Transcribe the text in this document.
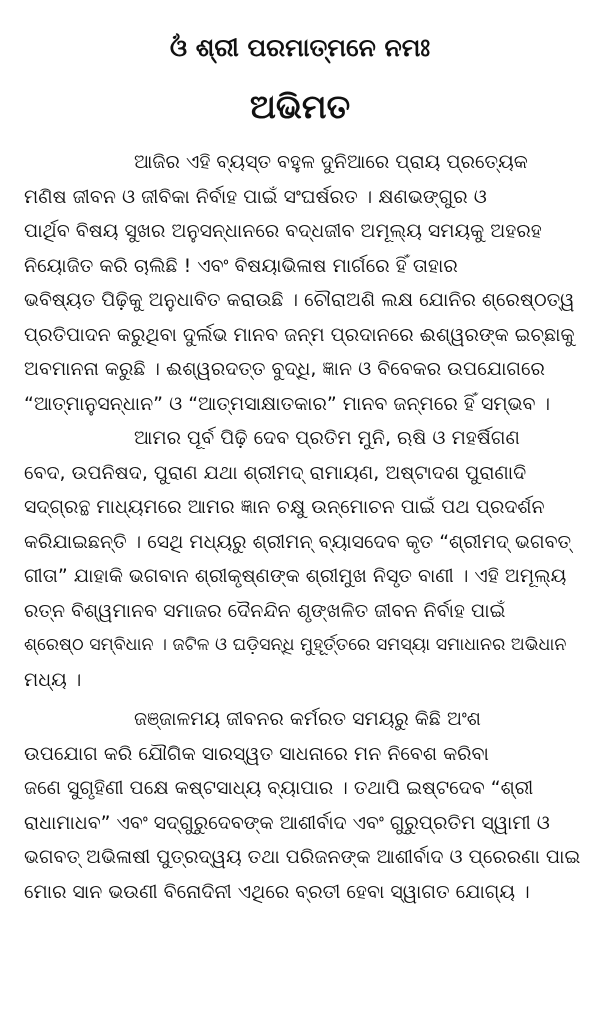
ଓଁ ଶ୍ରୀ ପରମାତ୍ମନେ ନମଃ
ଅଭିମତ
ଆଜିର ଏହି ବ୍ୟସ୍ତ ବହୁଳ ଦୁନିଆରେ ପ୍ରାୟ ପ୍ରତ୍ୟେକ
ମଣିଷ ଜୀବନ ଓ ଜୀବିକା ନିର୍ବାହ ପାଇଁ ସଂଘର୍ଷରତ । କ୍ଷଣଭଙ୍ଗୁର ଓ
ପାର୍ଥିବ ବିଷୟ ସୁଖର ଅନୁସନ୍ଧାନରେ ବଦ୍ଧଜୀବ ଅମୂଲ୍ୟ ସମୟକୁ ଅହରହ
ନିୟୋଜିତ କରି ଚାଲିଛି ! ଏବଂ ବିଷୟାଭିଳାଷ ମାର୍ଗରେ ହିଁ ତାହାର
ଭବିଷ୍ୟତ ପିଢ଼ିକୁ ଅନୁଧାବିତ କରାଉଛି । ଚୌରାଅଶି ଲକ୍ଷ ଯୋନିର ଶ୍ରେଷ୍ଠତ୍ୱ
ପ୍ରତିପାଦନ କରୁଥିବା ଦୁର୍ଲଭ ମାନବ ଜନ୍ମ ପ୍ରଦାନରେ ଈଶ୍ୱରଙ୍କ ଇଚ୍ଛାକୁ
ଅବମାନନା କରୁଛି । ଈଶ୍ୱରଦତ୍ତ ବୁଦ୍ଧି, ଜ୍ଞାନ ଓ ବିବେକର ଉପଯୋଗରେ
“ଆତ୍ମାନୁସନ୍ଧାନ” ଓ “ଆତ୍ମସାକ୍ଷାତକାର” ମାନବ ଜନ୍ମରେ ହିଁ ସମ୍ଭବ ।
ଆମର ପୂର୍ବ ପିଢ଼ି ଦେବ ପ୍ରତିମ ମୁନି, ଋଷି ଓ ମହର୍ଷିଗଣ
ବେଦ, ଉପନିଷଦ, ପୁରାଣ ଯଥା ଶ୍ରୀମଦ୍ ରାମାୟଣ, ଅଷ୍ଟାଦଶ ପୁରାଣାଦି
ସଦ୍‌ଗ୍ରନ୍ଥ ମାଧ୍ୟମରେ ଆମର ଜ୍ଞାନ ଚକ୍ଷୁ ଉନ୍ମୋଚନ ପାଇଁ ପଥ ପ୍ରଦର୍ଶନ
କରିଯାଇଛନ୍ତି । ସେଥି ମଧ୍ୟରୁ ଶ୍ରୀମନ୍ ବ୍ୟାସଦେବ କୃତ “ଶ୍ରୀମଦ୍ ଭଗବତ୍
ଗୀତା” ଯାହାକି ଭଗବାନ ଶ୍ରୀକୃଷ୍ଣଙ୍କ ଶ୍ରୀମୁଖ ନିସୃତ ବାଣୀ । ଏହି ଅମୂଲ୍ୟ
ରତ୍ନ ବିଶ୍ୱମାନବ ସମାଜର ଦୈନନ୍ଦିନ ଶୃଙ୍ଖଳିତ ଜୀବନ ନିର୍ବାହ ପାଇଁ
ଶ୍ରେଷ୍ଠ ସମ୍ବିଧାନ । ଜଟିଳ ଓ ଘଡ଼ିସନ୍ଧି ମୁହୂର୍ତ୍ତରେ ସମସ୍ୟା ସମାଧାନର ଅଭିଧାନ
ମଧ୍ୟ ।
ଜଞ୍ଜାଳମୟ ଜୀବନର କର୍ମରତ ସମୟରୁ କିଛି ଅଂଶ
ଉପଯୋଗ କରି ଯୌଗିକ ସାରସ୍ୱତ ସାଧନାରେ ମନ ନିବେଶ କରିବା
ଜଣେ ସୁଗୃହିଣୀ ପକ୍ଷେ କଷ୍ଟସାଧ୍ୟ ବ୍ୟାପାର । ତଥାପି ଇଷ୍ଟଦେବ “ଶ୍ରୀ
ରାଧାମାଧବ” ଏବଂ ସଦ୍‌ଗୁରୁଦେବଙ୍କ ଆଶୀର୍ବାଦ ଏବଂ ଗୁରୁପ୍ରତିମ ସ୍ୱାମୀ ଓ
ଭଗବତ୍ ଅଭିଳାଷୀ ପୁତ୍ରଦ୍ୱୟ ତଥା ପରିଜନଙ୍କ ଆଶୀର୍ବାଦ ଓ ପ୍ରେରଣା ପାଇ
ମୋର ସାନ ଭଉଣୀ ବିନୋଦିନୀ ଏଥିରେ ବ୍ରତୀ ହେବା ସ୍ୱାଗତ ଯୋଗ୍ୟ ।
